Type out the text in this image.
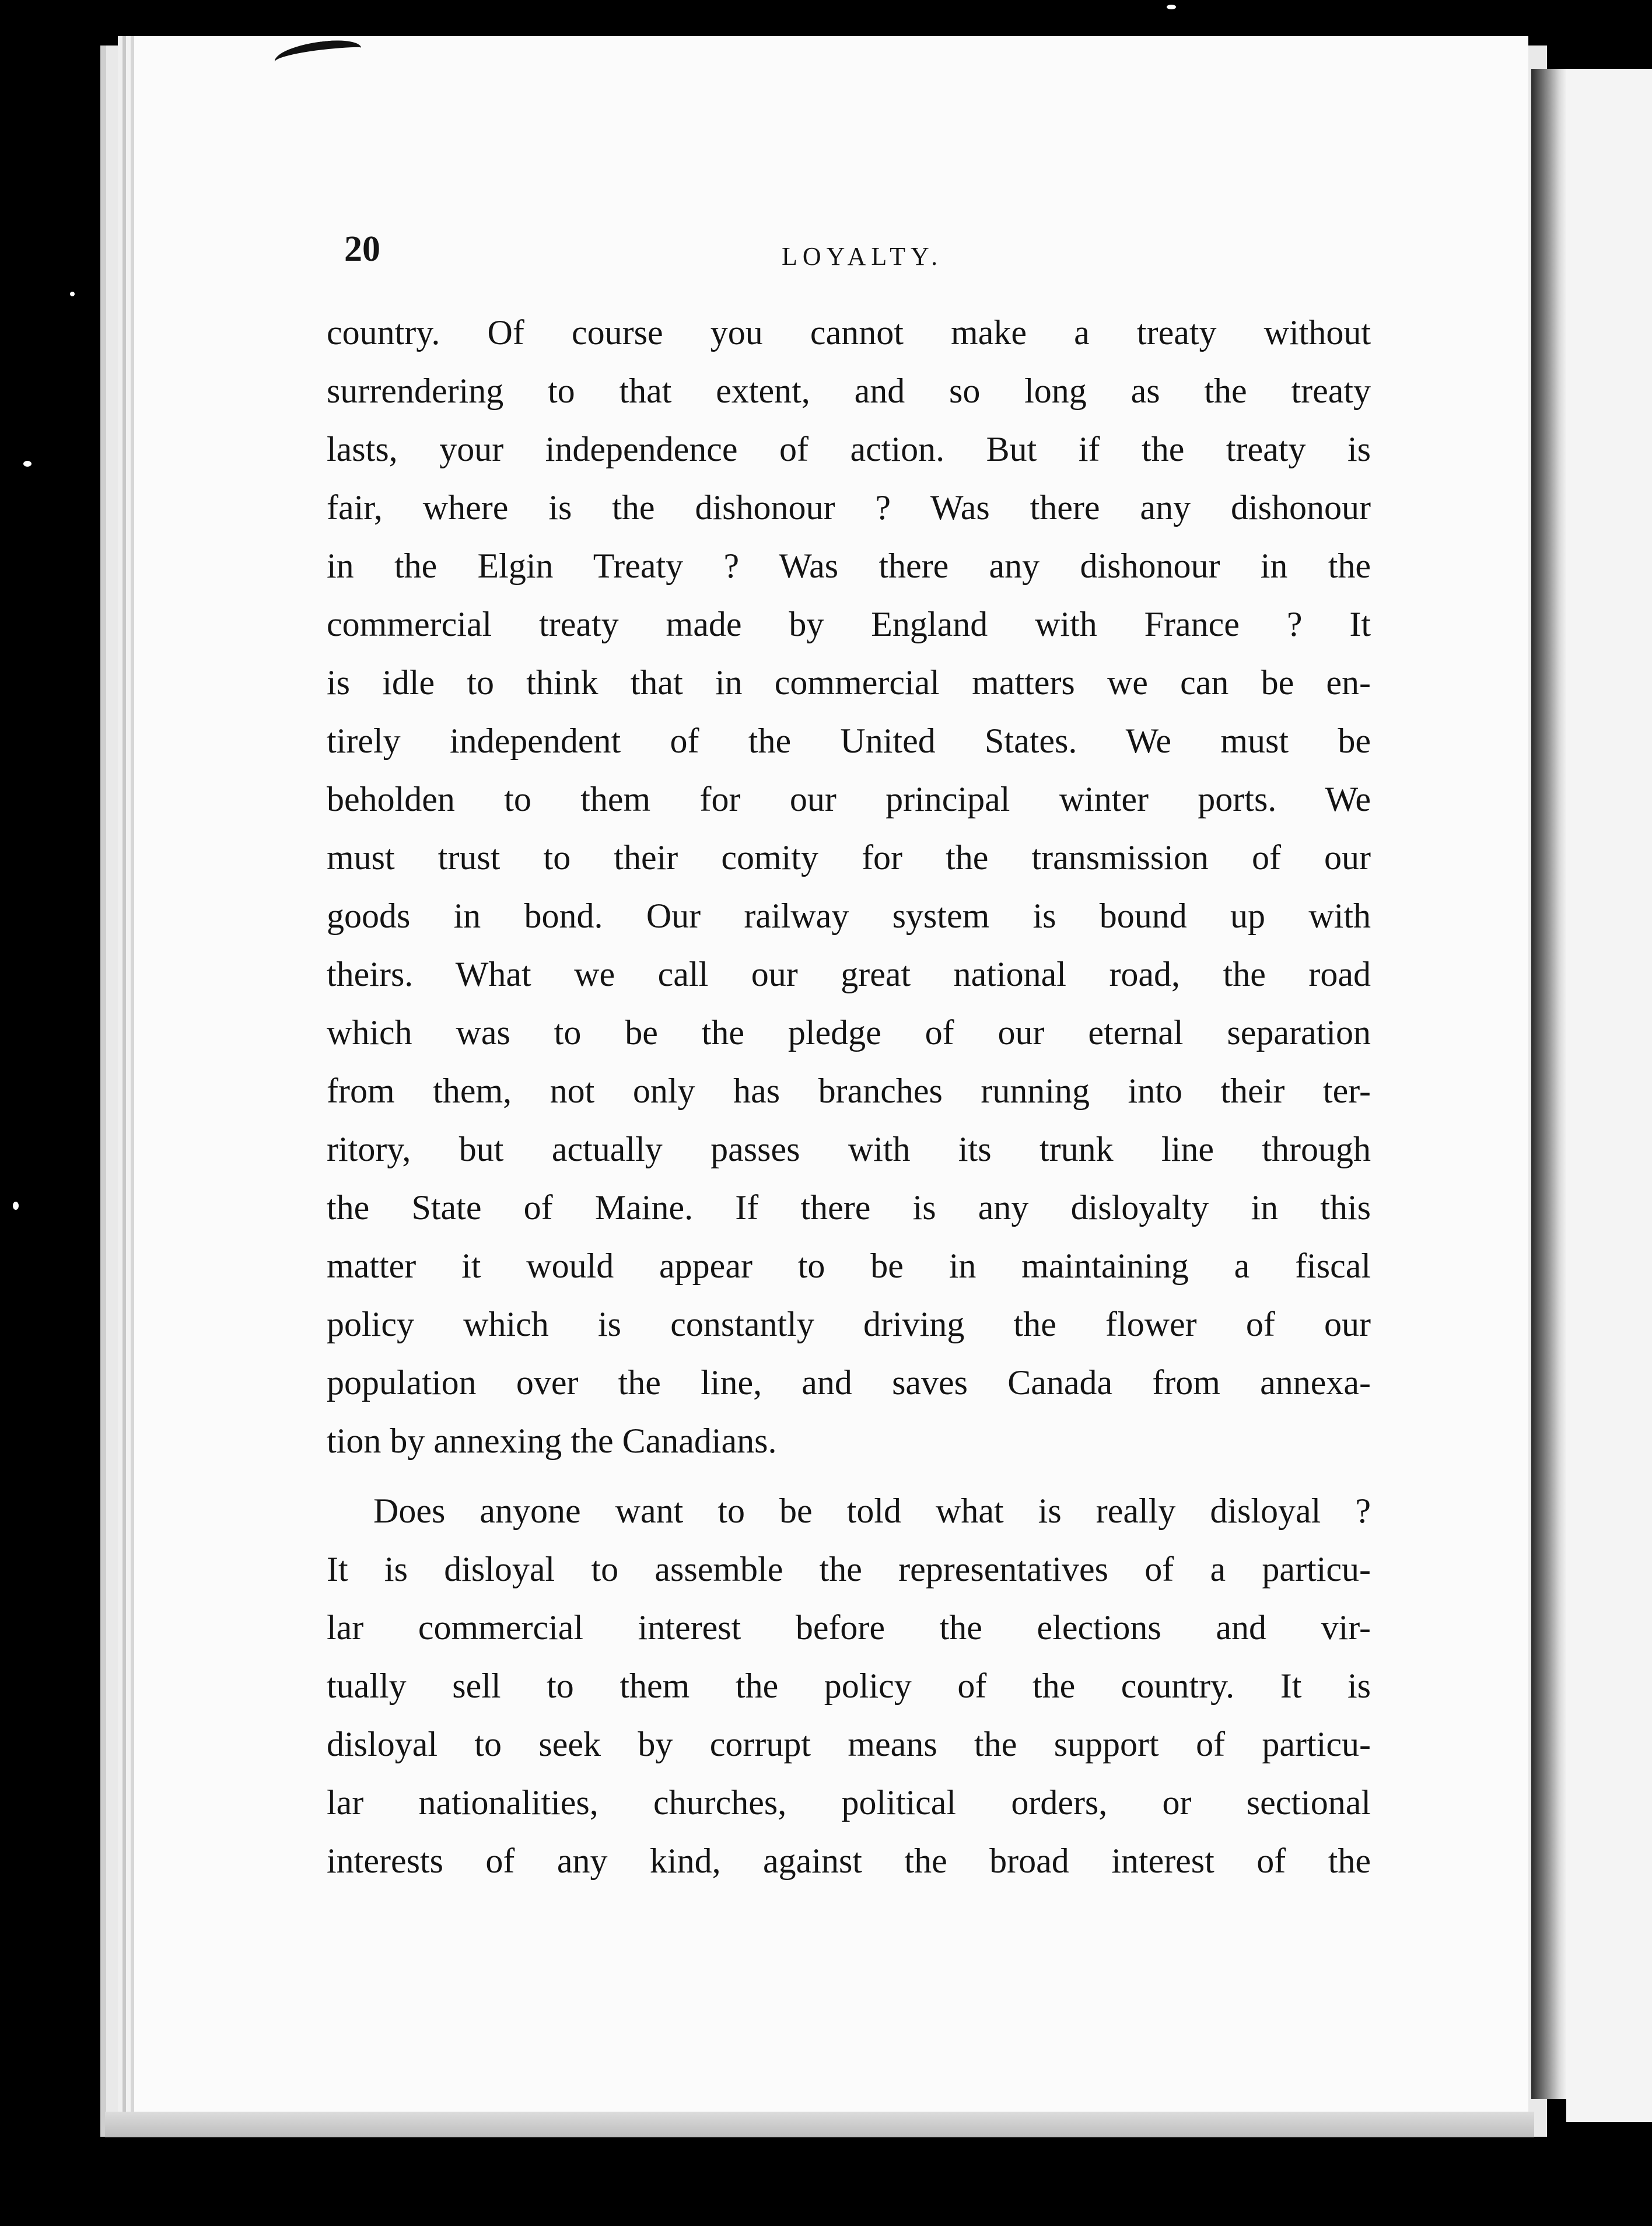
20	LOYALTY.
country. Of course you cannot make a treaty without
surrendering to that extent, and so long as the treaty
lasts, your independence of action. But if the treaty is
fair, where is the dishonour ? Was there any dishonour
in the Elgin Treaty ? Was there any dishonour in the
commercial treaty made by England with France ? It
is idle to think that in commercial matters we can be en-
tirely independent of the United States. We must be
beholden to them for our principal winter ports. We
must trust to their comity for the transmission of our
goods in bond. Our railway system is bound up with
theirs. What we call our great national road, the road
which was to be the pledge of our eternal separation
from them, not only has branches running into their ter-
ritory, but actually passes with its trunk line through
the State of Maine. If there is any disloyalty in this
matter it would appear to be in maintaining a fiscal
policy which is constantly driving the flower of our
population over the line, and saves Canada from annexa-
tion by annexing the Canadians.
Does anyone want to be told what is really disloyal ?
It is disloyal to assemble the representatives of a particu-
lar commercial interest before the elections and vir-
tually sell to them the policy of the country. It is
disloyal to seek by corrupt means the support of particu-
lar nationalities, churches, political orders, or sectional
interests of any kind, against the broad interest of the
